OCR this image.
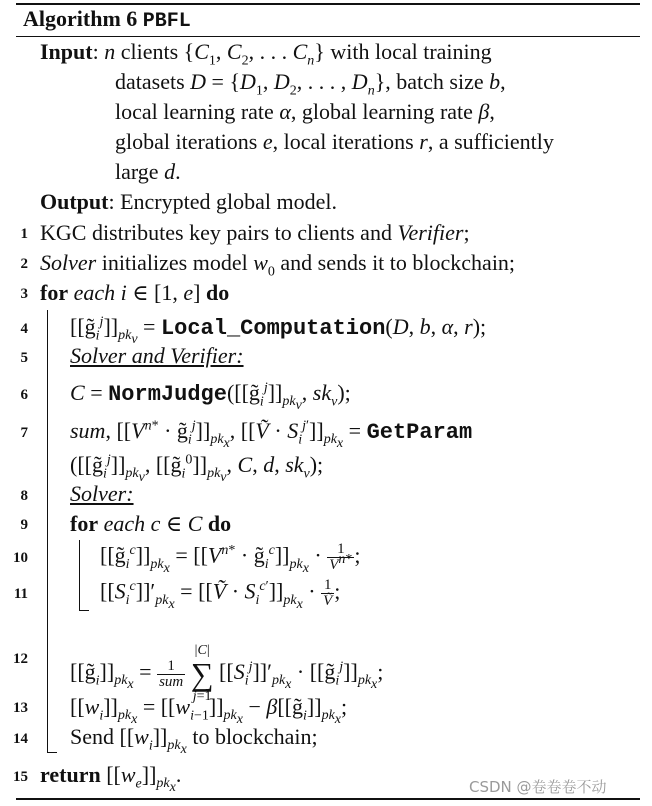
Algorithm 6 PBFL
Input: n clients {$C_1$, $C_2$, . . . $C_n$} with local training
datasets $D = \{D_1$, $D_2$, . . . , $D_n$}, batch size b,
local learning rate α, global learning rate β,
global iterations e, local iterations r, a sufficiently
large d.
Output: Encrypted global model.
1
2
3
4
5
6
7
8
9
10
11
12
13
14
15
KGC distributes key pairs to clients and Verifier;
Solver initializes model $w_0$ and sends it to blockchain;
for each i ∈ [1, e] do
$[[g̃_i^j]]_{pk_v}$ = Local_Computation(D, b, α, r);
Solver and Verifier:
$C = NormJudge([[g̃_i^j]]_{pk_v}$, $sk_v$);
sum, [[$V^{n*}$ · $g̃_i^j]]_{pk_x}$, [[Ṽ · $S_i^{j'}]]_{pk_x}$ = GetParam
($[[g̃_i^j]]_{pk_v}$, $[[g̃_i^0]]_{pk_v}$, C, d, $sk_v$);
Solver:
for each c ∈ C do
$[[g̃_i^c]]_{pk_x} = [[V^{n*}$ · $g̃_i^c]]_{pk_x} \cdot \frac{1}{V^{n*}}$ ;
$[[S_i^c]]'_{pk_x}$ = [[Ṽ · $S_i^{c'}]]_{pk_x} \cdot \frac{1}{\text{Ṽ}}$ ;
$[[g̃_i]]_{pk_x} = \frac{1}{\text{sum}}$
|C|
∑
j=1 $[[S_i^j]]'_{pk_x}$ · $[[g̃_i^j]]_{pk_x}$;
$[[w_i]]_{pk_x} = [[w_{i-1}]]_{pk_x}$ − $\beta[[g̃_i]]_{pk_x}$;
Send $[[w_i]]_{pk_x}$ to blockchain;
return $[[w_e]]_{pk_x}$.	CSDN @卷卷卷不动
